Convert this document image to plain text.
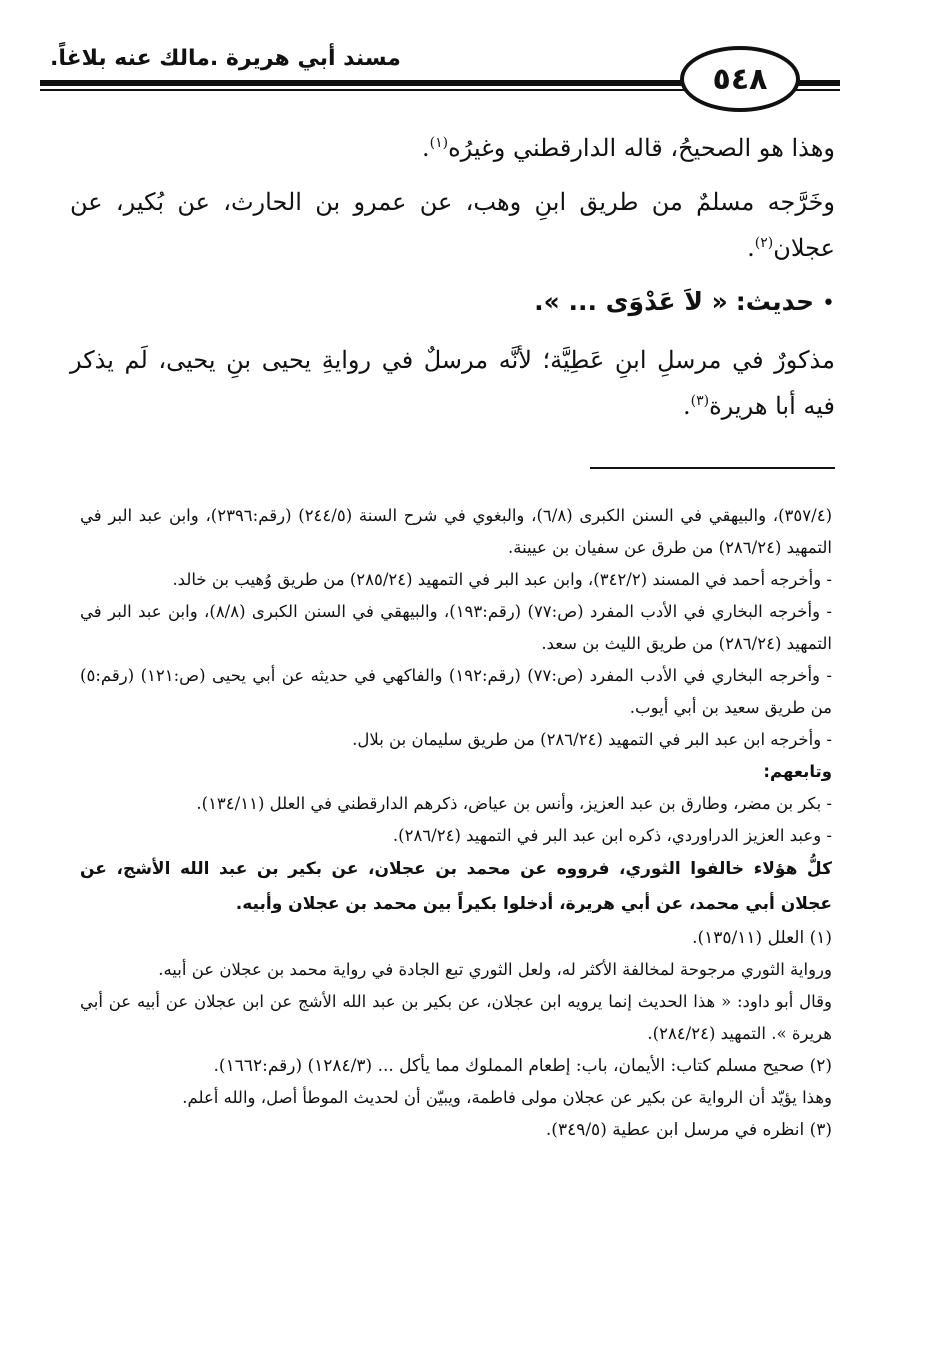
مسند أبي هريرة .مالك عنه بلاغاً.
٥٤٨

وهذا هو الصحيحُ، قاله الدارقطني وغيرُه$^{(١)}$.

وخَرَّجه مسلمٌ من طريق ابنِ وهب، عن عمرو بن الحارث، عن بُكير، عن عجلان$^{(٢)}$.

• حديث: « لاَ عَدْوَى ... ».

مذكورٌ في مرسلِ ابنِ عَطِيَّة؛ لأنَّه مرسلٌ في روايةِ يحيى بنِ يحيى، لَم يذكر فيه أبا هريرة$^{(٣)}$.

(٣٥٧/٤)، والبيهقي في السنن الكبرى (٦/٨)، والبغوي في شرح السنة (٢٤٤/٥) (رقم:٢٣٩٦)، وابن عبد البر في التمهيد (٢٨٦/٢٤) من طرق عن سفيان بن عيينة.

- وأخرجه أحمد في المسند (٣٤٢/٢)، وابن عبد البر في التمهيد (٢٨٥/٢٤) من طريق وُهيب بن خالد.

- وأخرجه البخاري في الأدب المفرد (ص:٧٧) (رقم:١٩٣)، والبيهقي في السنن الكبرى (٨/٨)، وابن عبد البر في التمهيد (٢٨٦/٢٤) من طريق الليث بن سعد.

- وأخرجه البخاري في الأدب المفرد (ص:٧٧) (رقم:١٩٢) والفاكهي في حديثه عن أبي يحيى (ص:١٢١) (رقم:٥) من طريق سعيد بن أبي أيوب.

- وأخرجه ابن عبد البر في التمهيد (٢٨٦/٢٤) من طريق سليمان بن بلال.

وتابعهم:

- بكر بن مضر، وطارق بن عبد العزيز، وأنس بن عياض، ذكرهم الدارقطني في العلل (١٣٤/١١).

- وعبد العزيز الدراوردي، ذكره ابن عبد البر في التمهيد (٢٨٦/٢٤).

كلُّ هؤلاء خالفوا الثوري، فرووه عن محمد بن عجلان، عن بكير بن عبد الله الأشج، عن عجلان أبي محمد، عن أبي هريرة، أدخلوا بكيراً بين محمد بن عجلان وأبيه.

(١) العلل (١٣٥/١١).

ورواية الثوري مرجوحة لمخالفة الأكثر له، ولعل الثوري تبع الجادة في رواية محمد بن عجلان عن أبيه.

وقال أبو داود: « هذا الحديث إنما يرويه ابن عجلان، عن بكير بن عبد الله الأشج عن ابن عجلان عن أبيه عن أبي هريرة ». التمهيد (٢٨٤/٢٤).

(٢) صحيح مسلم كتاب: الأيمان، باب: إطعام المملوك مما يأكل ... (١٢٨٤/٣) (رقم:١٦٦٢).

وهذا يؤيّد أن الرواية عن بكير عن عجلان مولى فاطمة، ويبيّن أن لحديث الموطأ أصل، والله أعلم.

(٣) انظره في مرسل ابن عطية (٣٤٩/٥).
